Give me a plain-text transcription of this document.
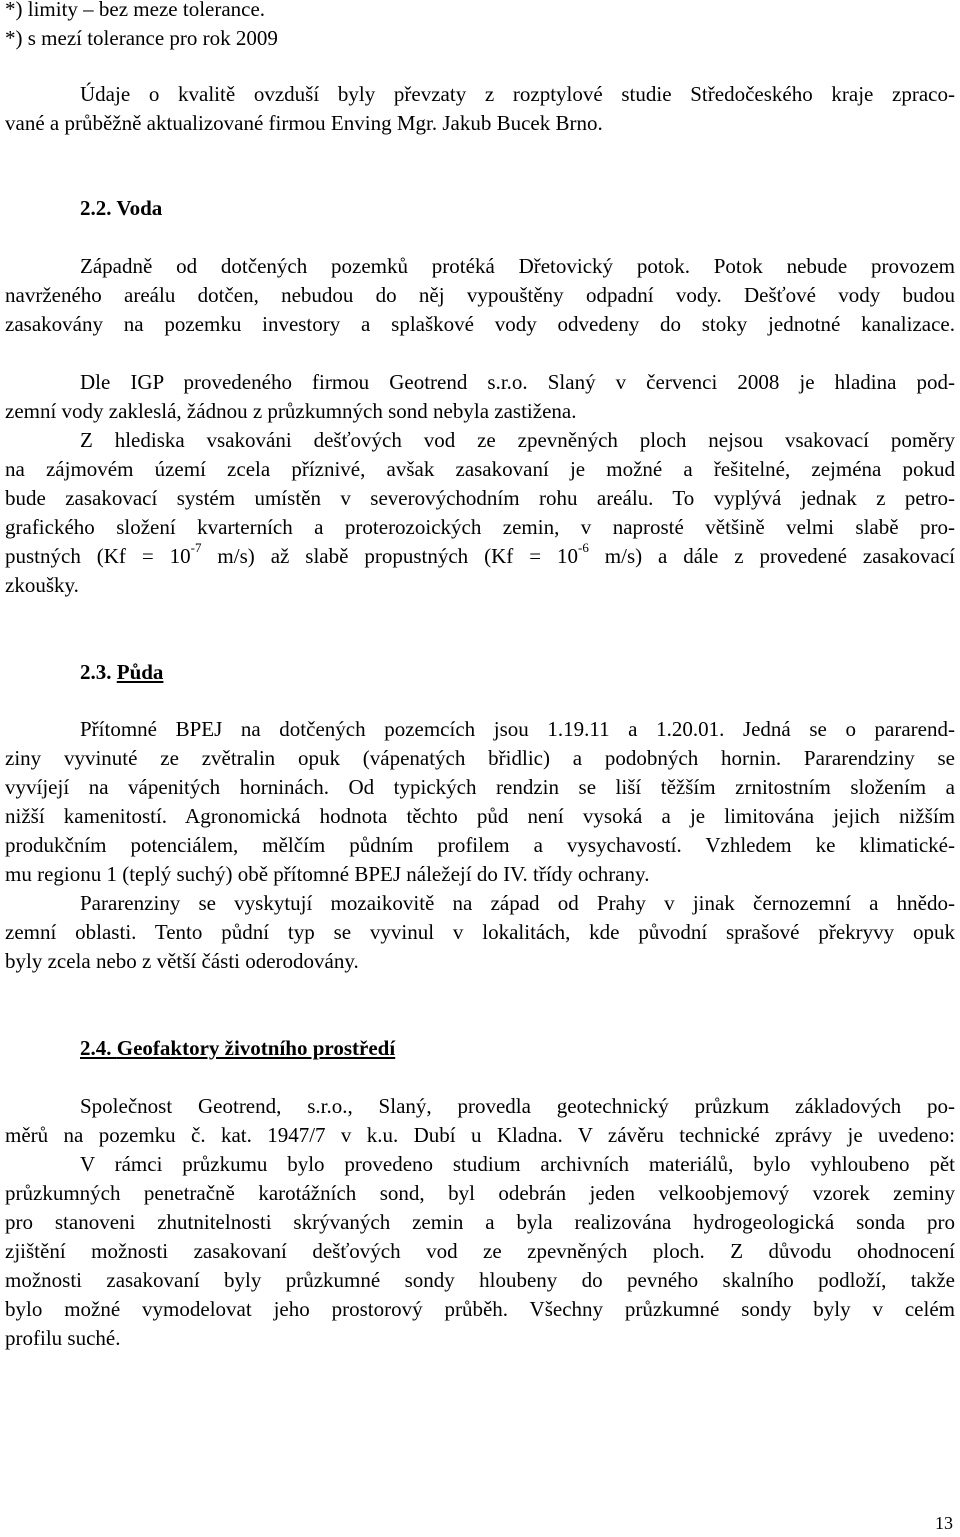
*) limity – bez meze tolerance.
*) s mezí tolerance pro rok 2009
Údaje o kvalitě ovzduší byly převzaty z rozptylové studie Středočeského kraje zpraco-
vané a průběžně aktualizované firmou Enving Mgr. Jakub Bucek Brno.
2.2. Voda
Západně od dotčených pozemků protéká Dřetovický potok. Potok nebude provozem
navrženého areálu dotčen, nebudou do něj vypouštěny odpadní vody. Dešťové vody budou
zasakovány na pozemku investory a splaškové vody odvedeny do stoky jednotné kanalizace.
Dle IGP provedeného firmou Geotrend s.r.o. Slaný v červenci 2008 je hladina pod-
zemní vody zakleslá, žádnou z průzkumných sond nebyla zastižena.
Z hlediska vsakováni dešťových vod ze zpevněných ploch nejsou vsakovací poměry
na zájmovém území zcela příznivé, avšak zasakovaní je možné a řešitelné, zejména pokud
bude zasakovací systém umístěn v severovýchodním rohu areálu. To vyplývá jednak z petro-
grafického složení kvarterních a proterozoických zemin, v naprosté většině velmi slabě pro-
pustných ($Kf = 10^{-7}$ m/s) až slabě propustných ($Kf = 10^{-6}$ m/s) a dále z provedené zasakovací
zkoušky.
2.3. Půda
Přítomné BPEJ na dotčených pozemcích jsou 1.19.11 a 1.20.01. Jedná se o pararend-
ziny vyvinuté ze zvětralin opuk (vápenatých břidlic) a podobných hornin. Pararendziny se
vyvíjejí na vápenitých horninách. Od typických rendzin se liší těžším zrnitostním složením a
nižší kamenitostí. Agronomická hodnota těchto půd není vysoká a je limitována jejich nižším
produkčním potenciálem, mělčím půdním profilem a vysychavostí. Vzhledem ke klimatické-
mu regionu 1 (teplý suchý) obě přítomné BPEJ náležejí do IV. třídy ochrany.
Pararenziny se vyskytují mozaikovitě na západ od Prahy v jinak černozemní a hnědo-
zemní oblasti. Tento půdní typ se vyvinul v lokalitách, kde původní sprašové překryvy opuk
byly zcela nebo z větší části oderodovány.
2.4. Geofaktory životního prostředí
Společnost Geotrend, s.r.o., Slaný, provedla geotechnický průzkum základových po-
měrů na pozemku č. kat. 1947/7 v k.u. Dubí u Kladna. V závěru technické zprávy je uvedeno:
V rámci průzkumu bylo provedeno studium archivních materiálů, bylo vyhloubeno pět
průzkumných penetračně karotážních sond, byl odebrán jeden velkoobjemový vzorek zeminy
pro stanoveni zhutnitelnosti skrývaných zemin a byla realizována hydrogeologická sonda pro
zjištění možnosti zasakovaní dešťových vod ze zpevněných ploch. Z důvodu ohodnocení
možnosti zasakovaní byly průzkumné sondy hloubeny do pevného skalního podloží, takže
bylo možné vymodelovat jeho prostorový průběh. Všechny průzkumné sondy byly v celém
profilu suché.
13
